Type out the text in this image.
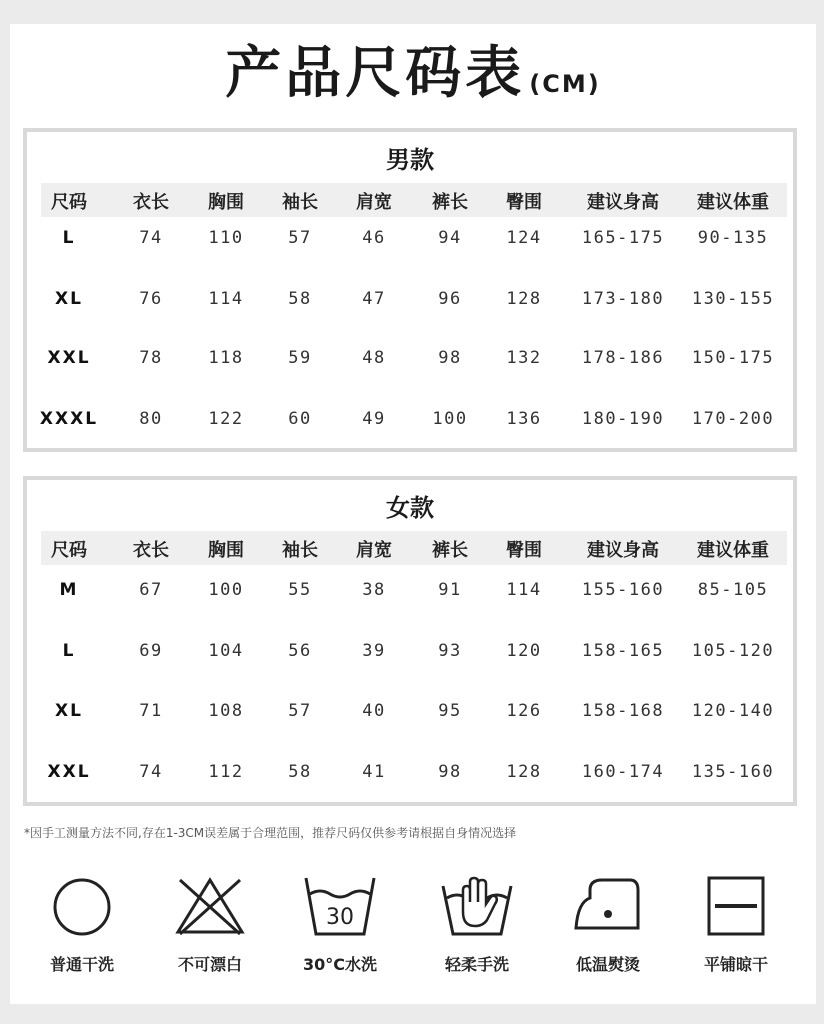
产品尺码表 (CM)
男款
尺码	衣长 胸围 袖长 肩宽 裤长 臀围	建议身高 建议体重
L	74	110	57	46	94	124 165-175 90-135
XL	76	114	58	47	96	128 173-180 130-155
XXL	78	118	59	48	98	132 178-186 150-175
XXXL 80	122	60	49	100 136 180-190 170-200
女款
尺码	衣长 胸围 袖长 肩宽 裤长 臀围	建议身高 建议体重
M	67	100	55	38	91	114 155-160 85-105
L	69	104	56	39	93	120 158-165 105-120
XL	71	108	57	40	95	126 158-168 120-140
XXL	74	112	58	41	98	128 160-174 135-160
*因手工测量方法不同,存在1-3CM误差属于合理范围，推荐尺码仅供参考请根据自身情况选择
普通干洗	不可漂白
30
30°C水洗	轻柔手洗	低温熨烫	平铺晾干
